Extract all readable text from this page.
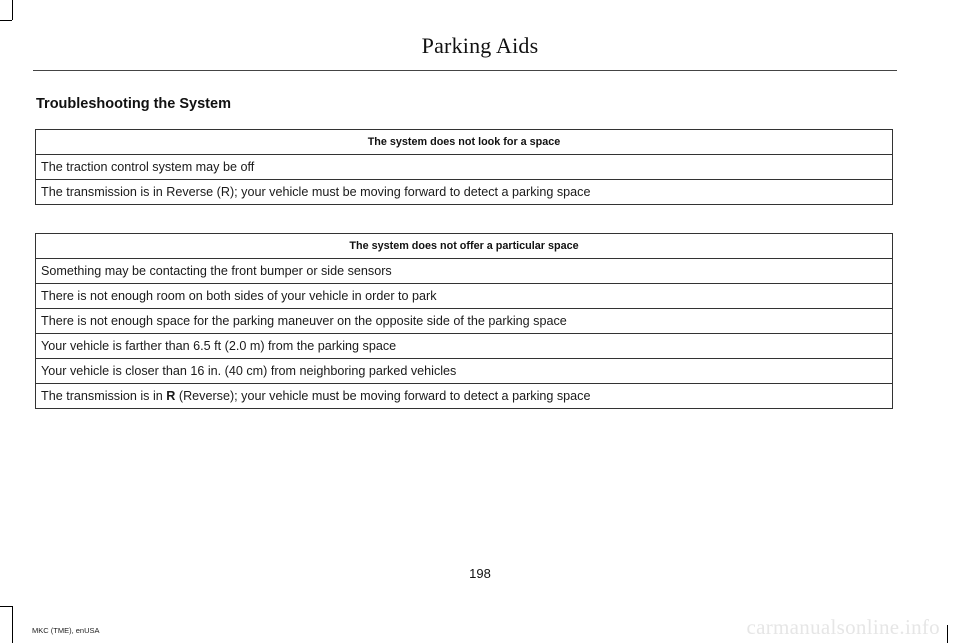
Parking Aids
Troubleshooting the System
The system does not look for a space
The traction control system may be off
The transmission is in Reverse (R); your vehicle must be moving forward to detect a parking space
The system does not offer a particular space
Something may be contacting the front bumper or side sensors
There is not enough room on both sides of your vehicle in order to park
There is not enough space for the parking maneuver on the opposite side of the parking space
Your vehicle is farther than 6.5 ft (2.0 m) from the parking space
Your vehicle is closer than 16 in. (40 cm) from neighboring parked vehicles
The transmission is in R (Reverse); your vehicle must be moving forward to detect a parking space
198
MKC (TME), enUSA	carmanualsonline.info
